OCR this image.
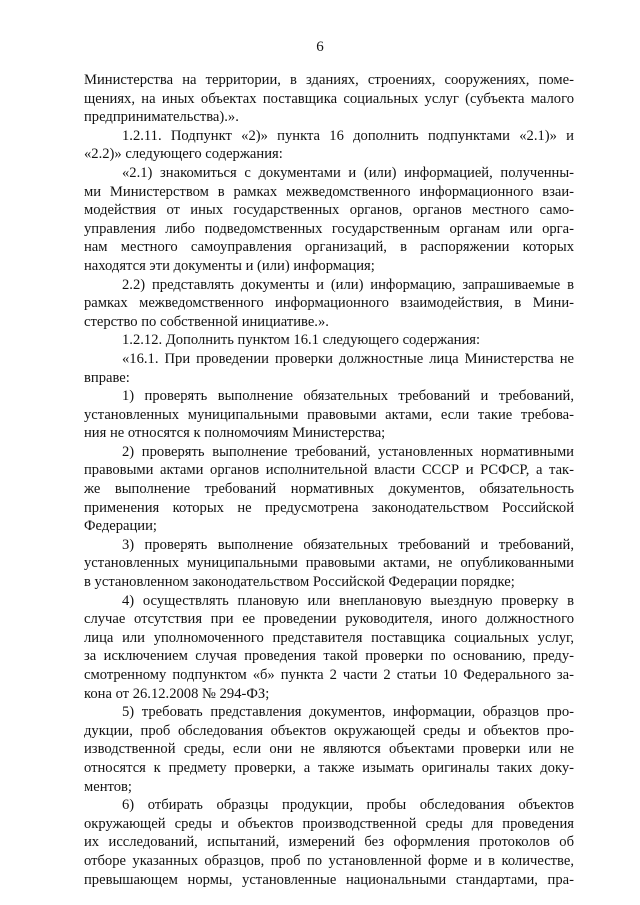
6
Министерства на территории, в зданиях, строениях, сооружениях, поме-
щениях, на иных объектах поставщика социальных услуг (субъекта малого
предпринимательства).».
1.2.11. Подпункт «2)» пункта 16 дополнить подпунктами «2.1)» и
«2.2)» следующего содержания:
«2.1) знакомиться с документами и (или) информацией, полученны-
ми Министерством в рамках межведомственного информационного взаи-
модействия от иных государственных органов, органов местного само-
управления либо подведомственных государственным органам или орга-
нам местного самоуправления организаций, в распоряжении которых
находятся эти документы и (или) информация;
2.2) представлять документы и (или) информацию, запрашиваемые в
рамках межведомственного информационного взаимодействия, в Мини-
стерство по собственной инициативе.».
1.2.12. Дополнить пунктом 16.1 следующего содержания:
«16.1. При проведении проверки должностные лица Министерства не
вправе:
1) проверять выполнение обязательных требований и требований,
установленных муниципальными правовыми актами, если такие требова-
ния не относятся к полномочиям Министерства;
2) проверять выполнение требований, установленных нормативными
правовыми актами органов исполнительной власти СССР и РСФСР, а так-
же выполнение требований нормативных документов, обязательность
применения которых не предусмотрена законодательством Российской
Федерации;
3) проверять выполнение обязательных требований и требований,
установленных муниципальными правовыми актами, не опубликованными
в установленном законодательством Российской Федерации порядке;
4) осуществлять плановую или внеплановую выездную проверку в
случае отсутствия при ее проведении руководителя, иного должностного
лица или уполномоченного представителя поставщика социальных услуг,
за исключением случая проведения такой проверки по основанию, преду-
смотренному подпунктом «б» пункта 2 части 2 статьи 10 Федерального за-
кона от 26.12.2008 № 294-ФЗ;
5) требовать представления документов, информации, образцов про-
дукции, проб обследования объектов окружающей среды и объектов про-
изводственной среды, если они не являются объектами проверки или не
относятся к предмету проверки, а также изымать оригиналы таких доку-
ментов;
6) отбирать образцы продукции, пробы обследования объектов
окружающей среды и объектов производственной среды для проведения
их исследований, испытаний, измерений без оформления протоколов об
отборе указанных образцов, проб по установленной форме и в количестве,
превышающем нормы, установленные национальными стандартами, пра-
